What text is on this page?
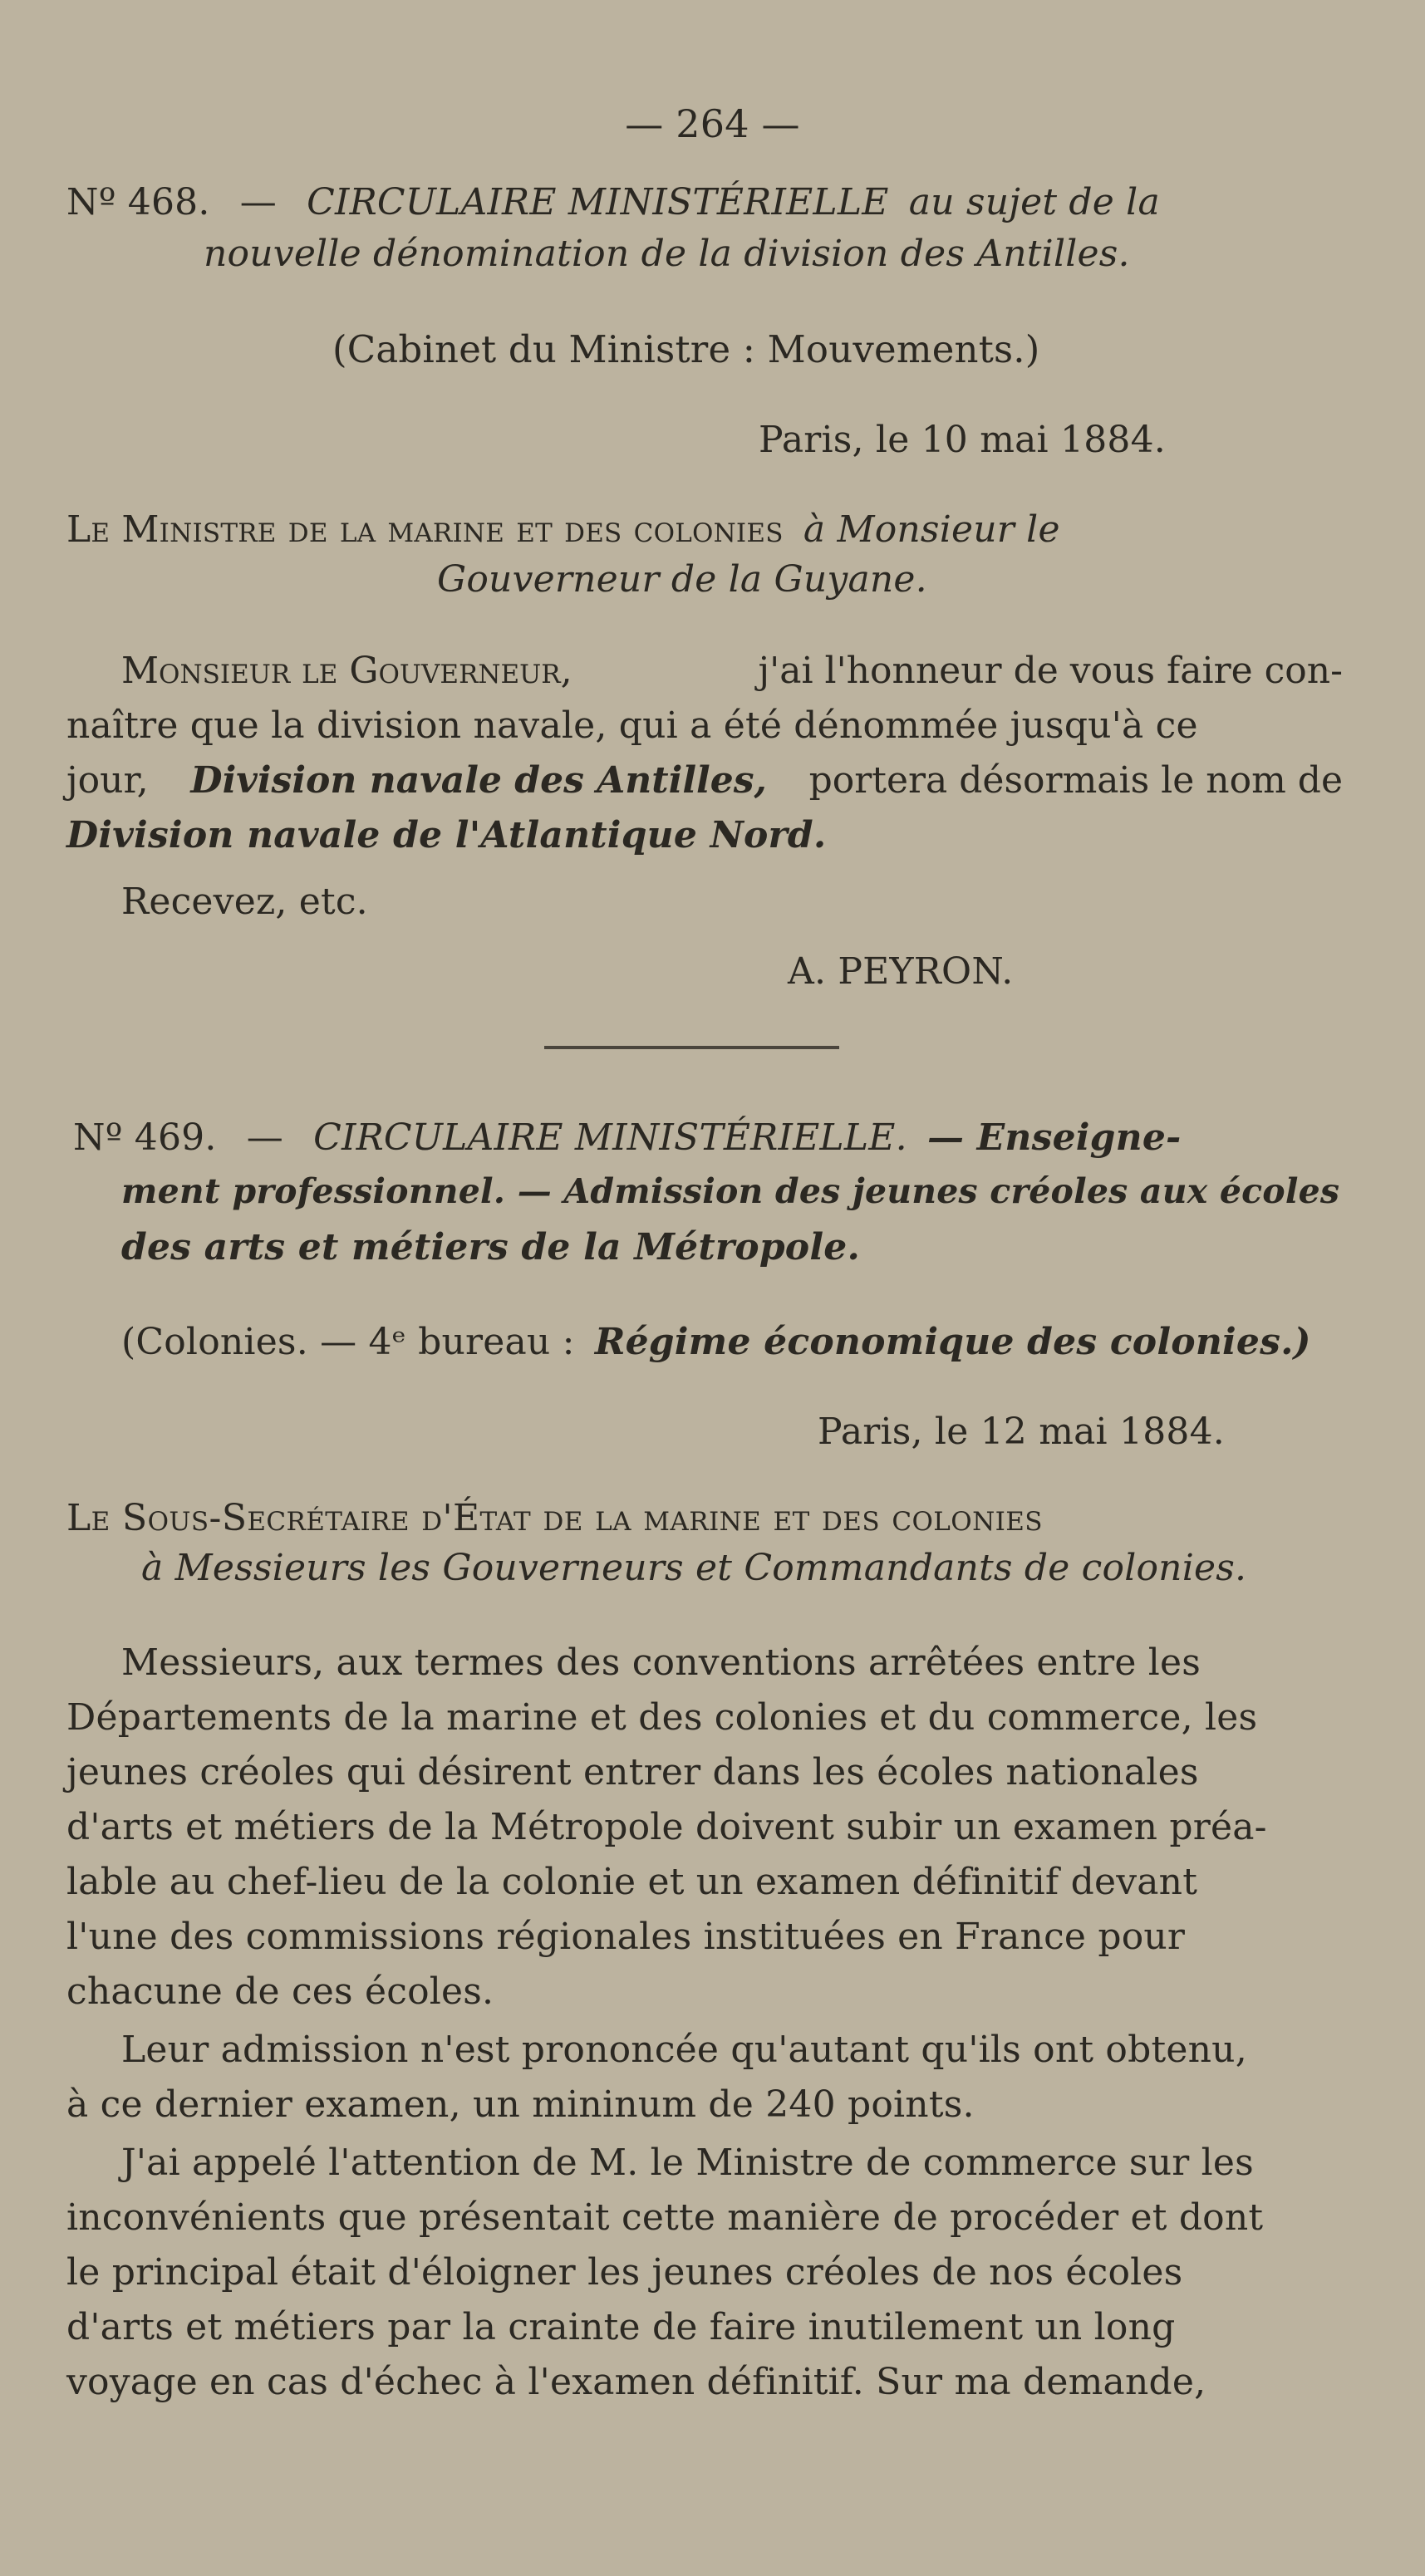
— 264 —
Nº 468. — CIRCULAIRE MINISTÉRIELLE au sujet de la
nouvelle dénomination de la division des Antilles.
(Cabinet du Ministre : Mouvements.)
Paris, le 10 mai 1884.
Le Ministre de la marine et des colonies à Monsieur le
Gouverneur de la Guyane.
Monsieur le Gouverneur,	j'ai l'honneur de vous faire con-
naître que la division navale, qui a été dénommée jusqu'à ce
jour, Division navale des Antilles, portera désormais le nom de
Division navale de l'Atlantique Nord.
Recevez, etc.
A. PEYRON.
Nº 469. — CIRCULAIRE MINISTÉRIELLE. — Enseigne-
ment professionnel. — Admission des jeunes créoles aux écoles
des arts et métiers de la Métropole.
(Colonies. — 4ᵉ bureau : Régime économique des colonies.)
Paris, le 12 mai 1884.
Le Sous-Secrétaire d'État de la marine et des colonies
à Messieurs les Gouverneurs et Commandants de colonies.
Messieurs, aux termes des conventions arrêtées entre les
Départements de la marine et des colonies et du commerce, les
jeunes créoles qui désirent entrer dans les écoles nationales
d'arts et métiers de la Métropole doivent subir un examen préa-
lable au chef-lieu de la colonie et un examen définitif devant
l'une des commissions régionales instituées en France pour
chacune de ces écoles.
Leur admission n'est prononcée qu'autant qu'ils ont obtenu,
à ce dernier examen, un mininum de 240 points.
J'ai appelé l'attention de M. le Ministre de commerce sur les
inconvénients que présentait cette manière de procéder et dont
le principal était d'éloigner les jeunes créoles de nos écoles
d'arts et métiers par la crainte de faire inutilement un long
voyage en cas d'échec à l'examen définitif. Sur ma demande,
